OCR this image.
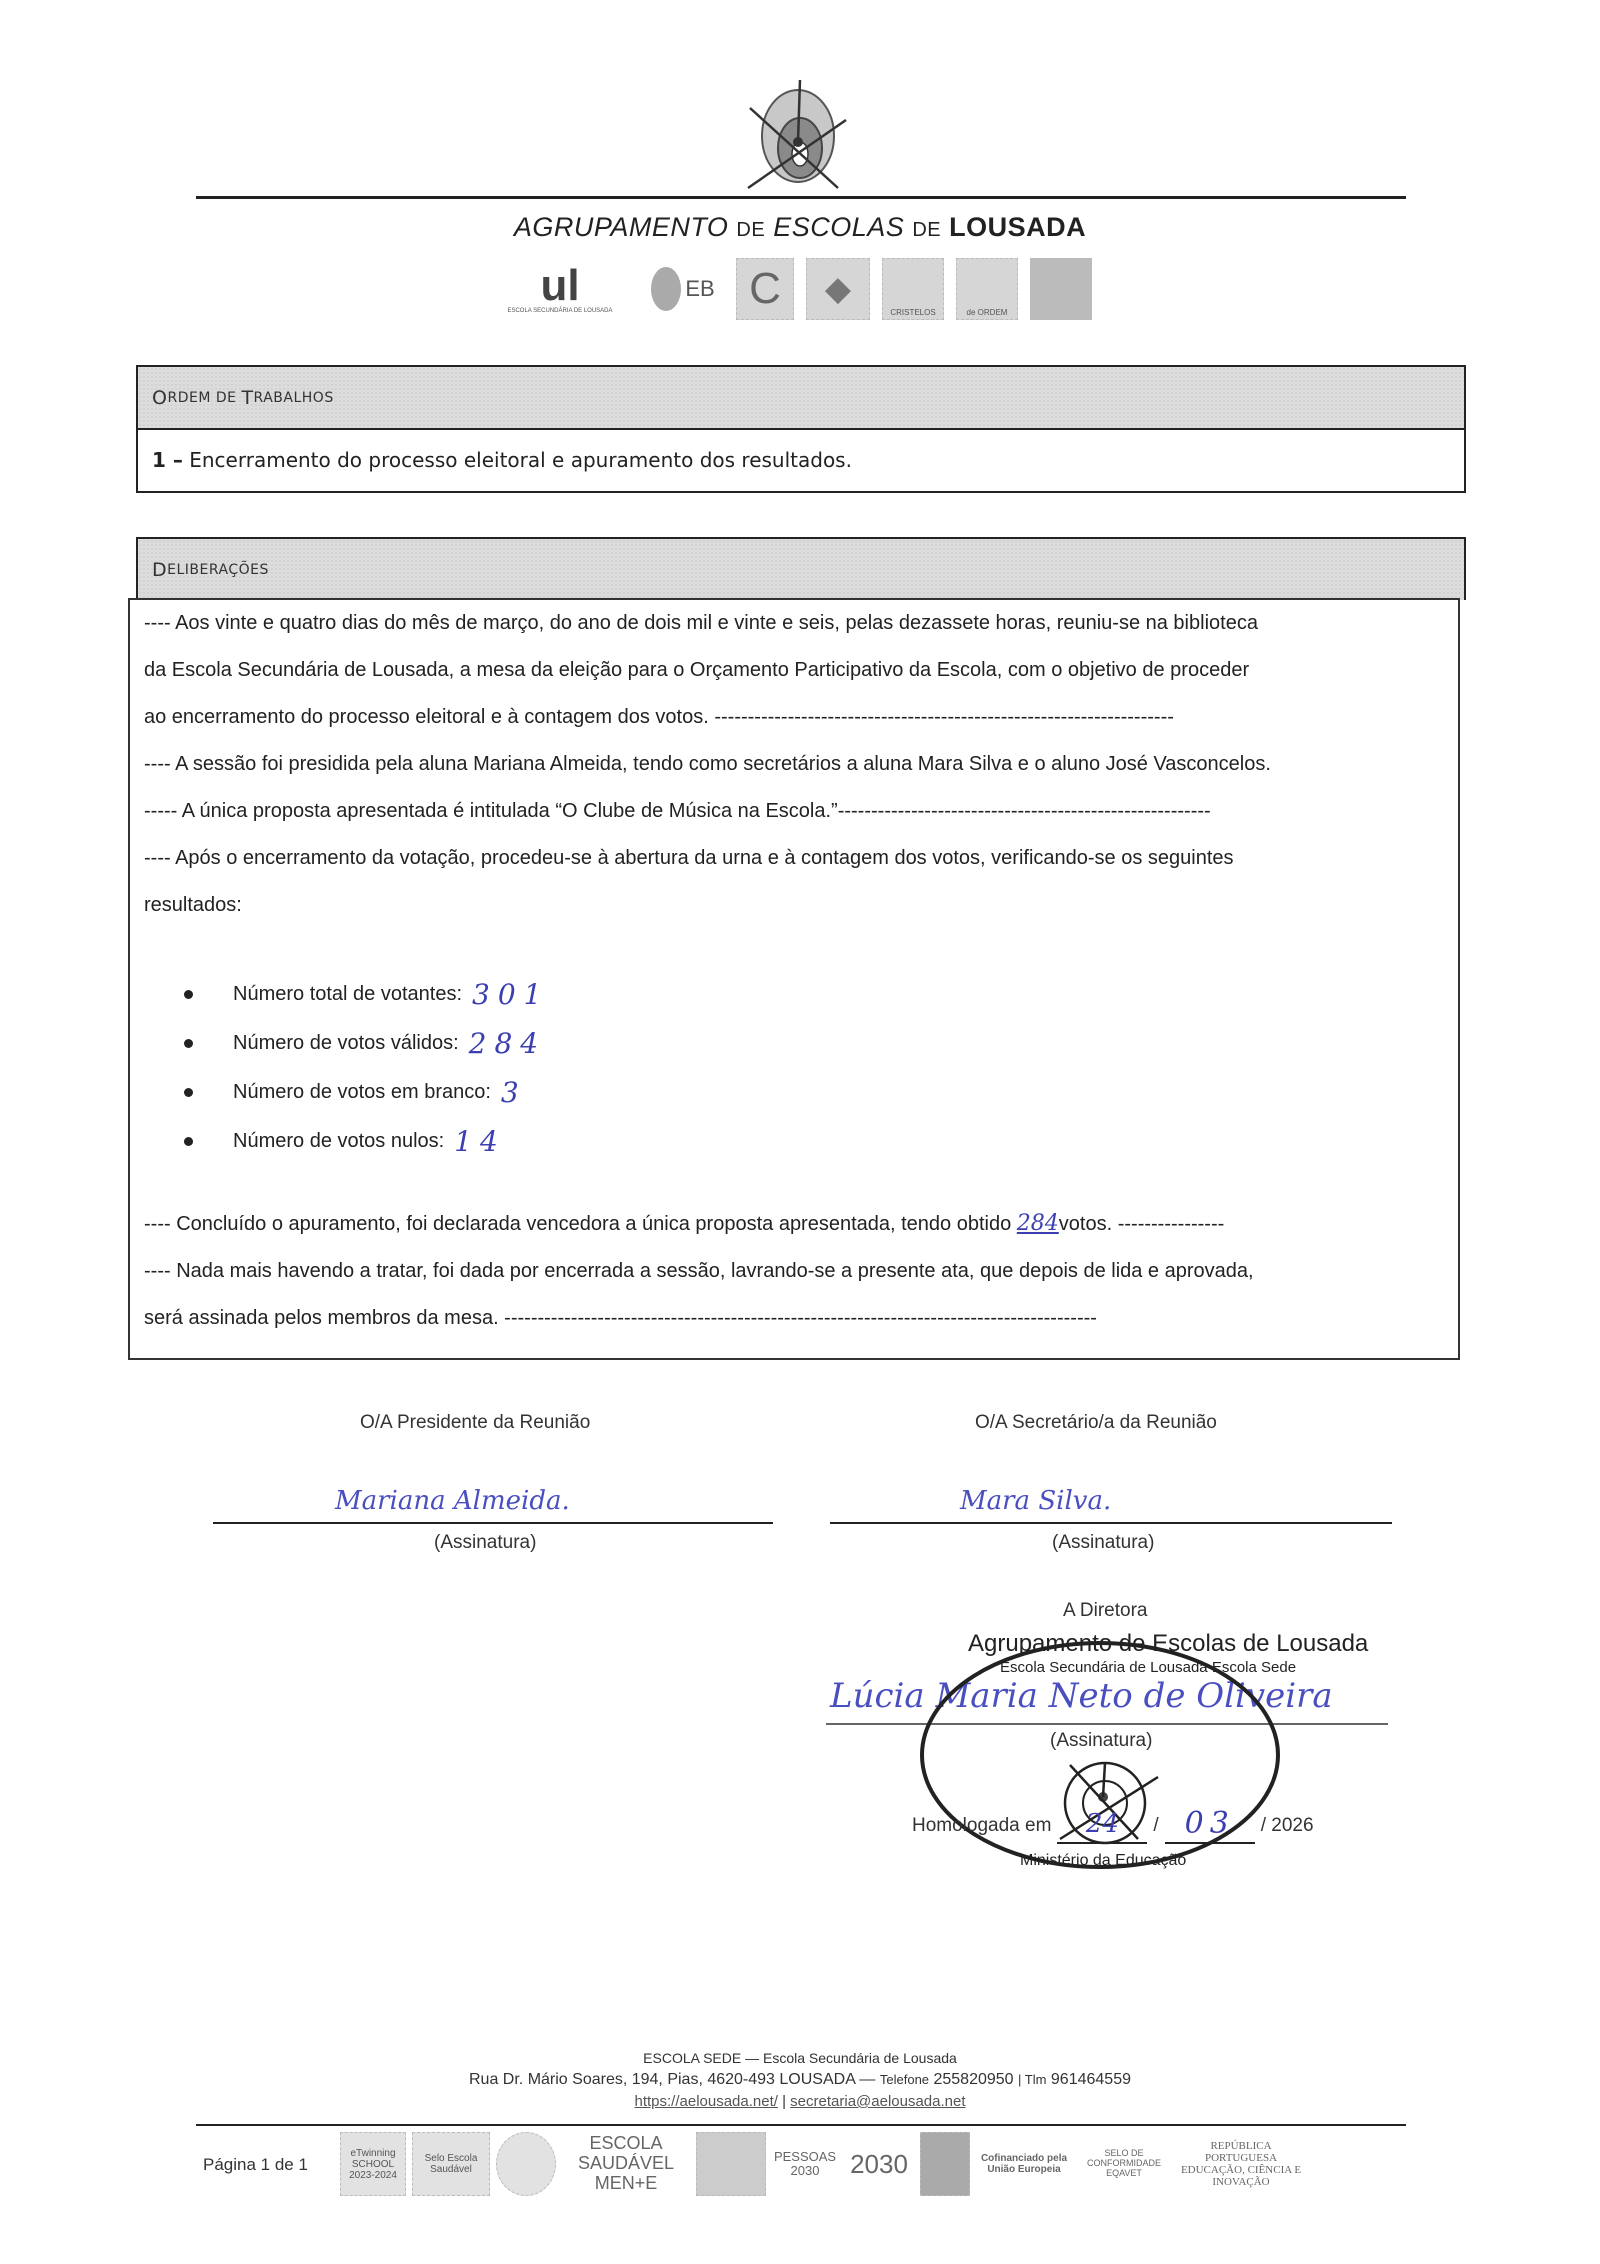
AGRUPAMENTO DE ESCOLAS DE LOUSADA
ul
ESCOLA SECUNDÁRIA DE LOUSADA
EB C ◆
CRISTELOS	de ORDEM
O RDEM DE T RABALHOS
1 – Encerramento do processo eleitoral e apuramento dos resultados.
D ELIBERAÇÕES
---- Aos vinte e quatro dias do mês de março, do ano de dois mil e vinte e seis, pelas dezassete horas, reuniu-se na biblioteca
da Escola Secundária de Lousada, a mesa da eleição para o Orçamento Participativo da Escola, com o objetivo de proceder
ao encerramento do processo eleitoral e à contagem dos votos. ---------------------------------------------------------------------
---- A sessão foi presidida pela aluna Mariana Almeida, tendo como secretários a aluna Mara Silva e o aluno José Vasconcelos.
----- A única proposta apresentada é intitulada “O Clube de Música na Escola.”--------------------------------------------------------
---- Após o encerramento da votação, procedeu-se à abertura da urna e à contagem dos votos, verificando-se os seguintes
resultados:
Número total de votantes: 301
Número de votos válidos: 284
Número de votos em branco: 3
Número de votos nulos: 14
---- Concluído o apuramento, foi declarada vencedora a única proposta apresentada, tendo obtido 284votos. ----------------
---- Nada mais havendo a tratar, foi dada por encerrada a sessão, lavrando-se a presente ata, que depois de lida e aprovada,
será assinada pelos membros da mesa. -----------------------------------------------------------------------------------------
O/A Presidente da Reunião	O/A Secretário/a da Reunião
Mariana Almeida.
(Assinatura)
Mara Silva.
(Assinatura)
A Diretora
Lúcia Maria Neto de Oliveira
(Assinatura)
Agrupamento de Escolas de Lousada
Escola Secundária de Lousada Escola Sede
Homologada em	24	/ 03	/ 2026
Ministério da Educação
ESCOLA SEDE — Escola Secundária de Lousada
Rua Dr. Mário Soares, 194, Pias, 4620-493 LOUSADA — Telefone 255820950 | Tlm 961464559
https://aelousada.net/ | secretaria@aelousada.net
Página 1 de 1
eTwinning SCHOOL 2023-2024
Selo Escola Saudável
ESCOLA SAUDÁVEL MEN+E
PESSOAS 2030	2030	Cofinanciado pela União Europeia
SELO DE CONFORMIDADE EQAVET
REPÚBLICA PORTUGUESA EDUCAÇÃO, CIÊNCIA E INOVAÇÃO
